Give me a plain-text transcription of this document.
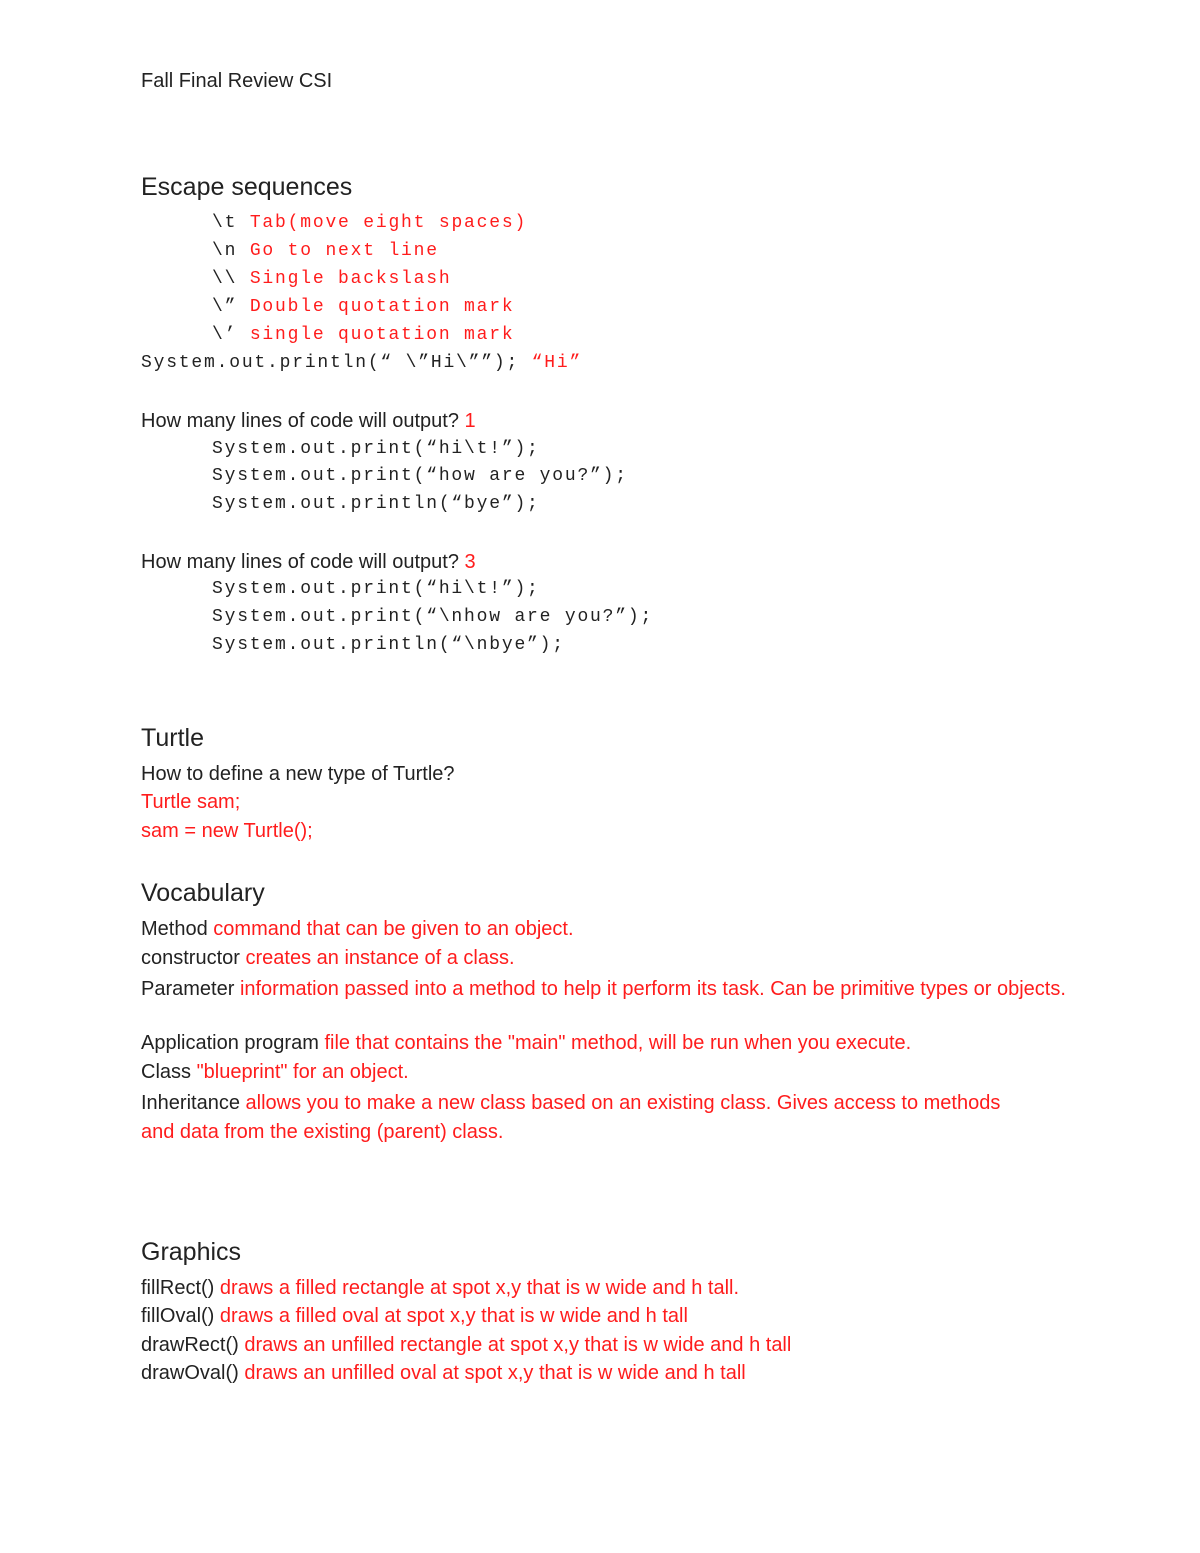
Fall Final Review CSI
Escape sequences
\t Tab(move eight spaces)
\n Go to next line
\\ Single backslash
\” Double quotation mark
\’ single quotation mark
System.out.println(“ \”Hi\””); “Hi”
How many lines of code will output? 1
System.out.print(“hi\t!”);
System.out.print(“how are you?”);
System.out.println(“bye”);
How many lines of code will output? 3
System.out.print(“hi\t!”);
System.out.print(“\nhow are you?”);
System.out.println(“\nbye”);
Turtle
How to define a new type of Turtle?
Turtle sam;
sam = new Turtle();
Vocabulary
Method command that can be given to an object.
constructor creates an instance of a class.
Parameter information passed into a method to help it perform its task. Can be primitive types or objects.
Application program file that contains the "main" method, will be run when you execute.
Class "blueprint" for an object.
Inheritance allows you to make a new class based on an existing class. Gives access to methods and data from the existing (parent) class.
Graphics
fillRect() draws a filled rectangle at spot x,y that is w wide and h tall.
fillOval() draws a filled oval at spot x,y that is w wide and h tall
drawRect() draws an unfilled rectangle at spot x,y that is w wide and h tall
drawOval() draws an unfilled oval at spot x,y that is w wide and h tall
